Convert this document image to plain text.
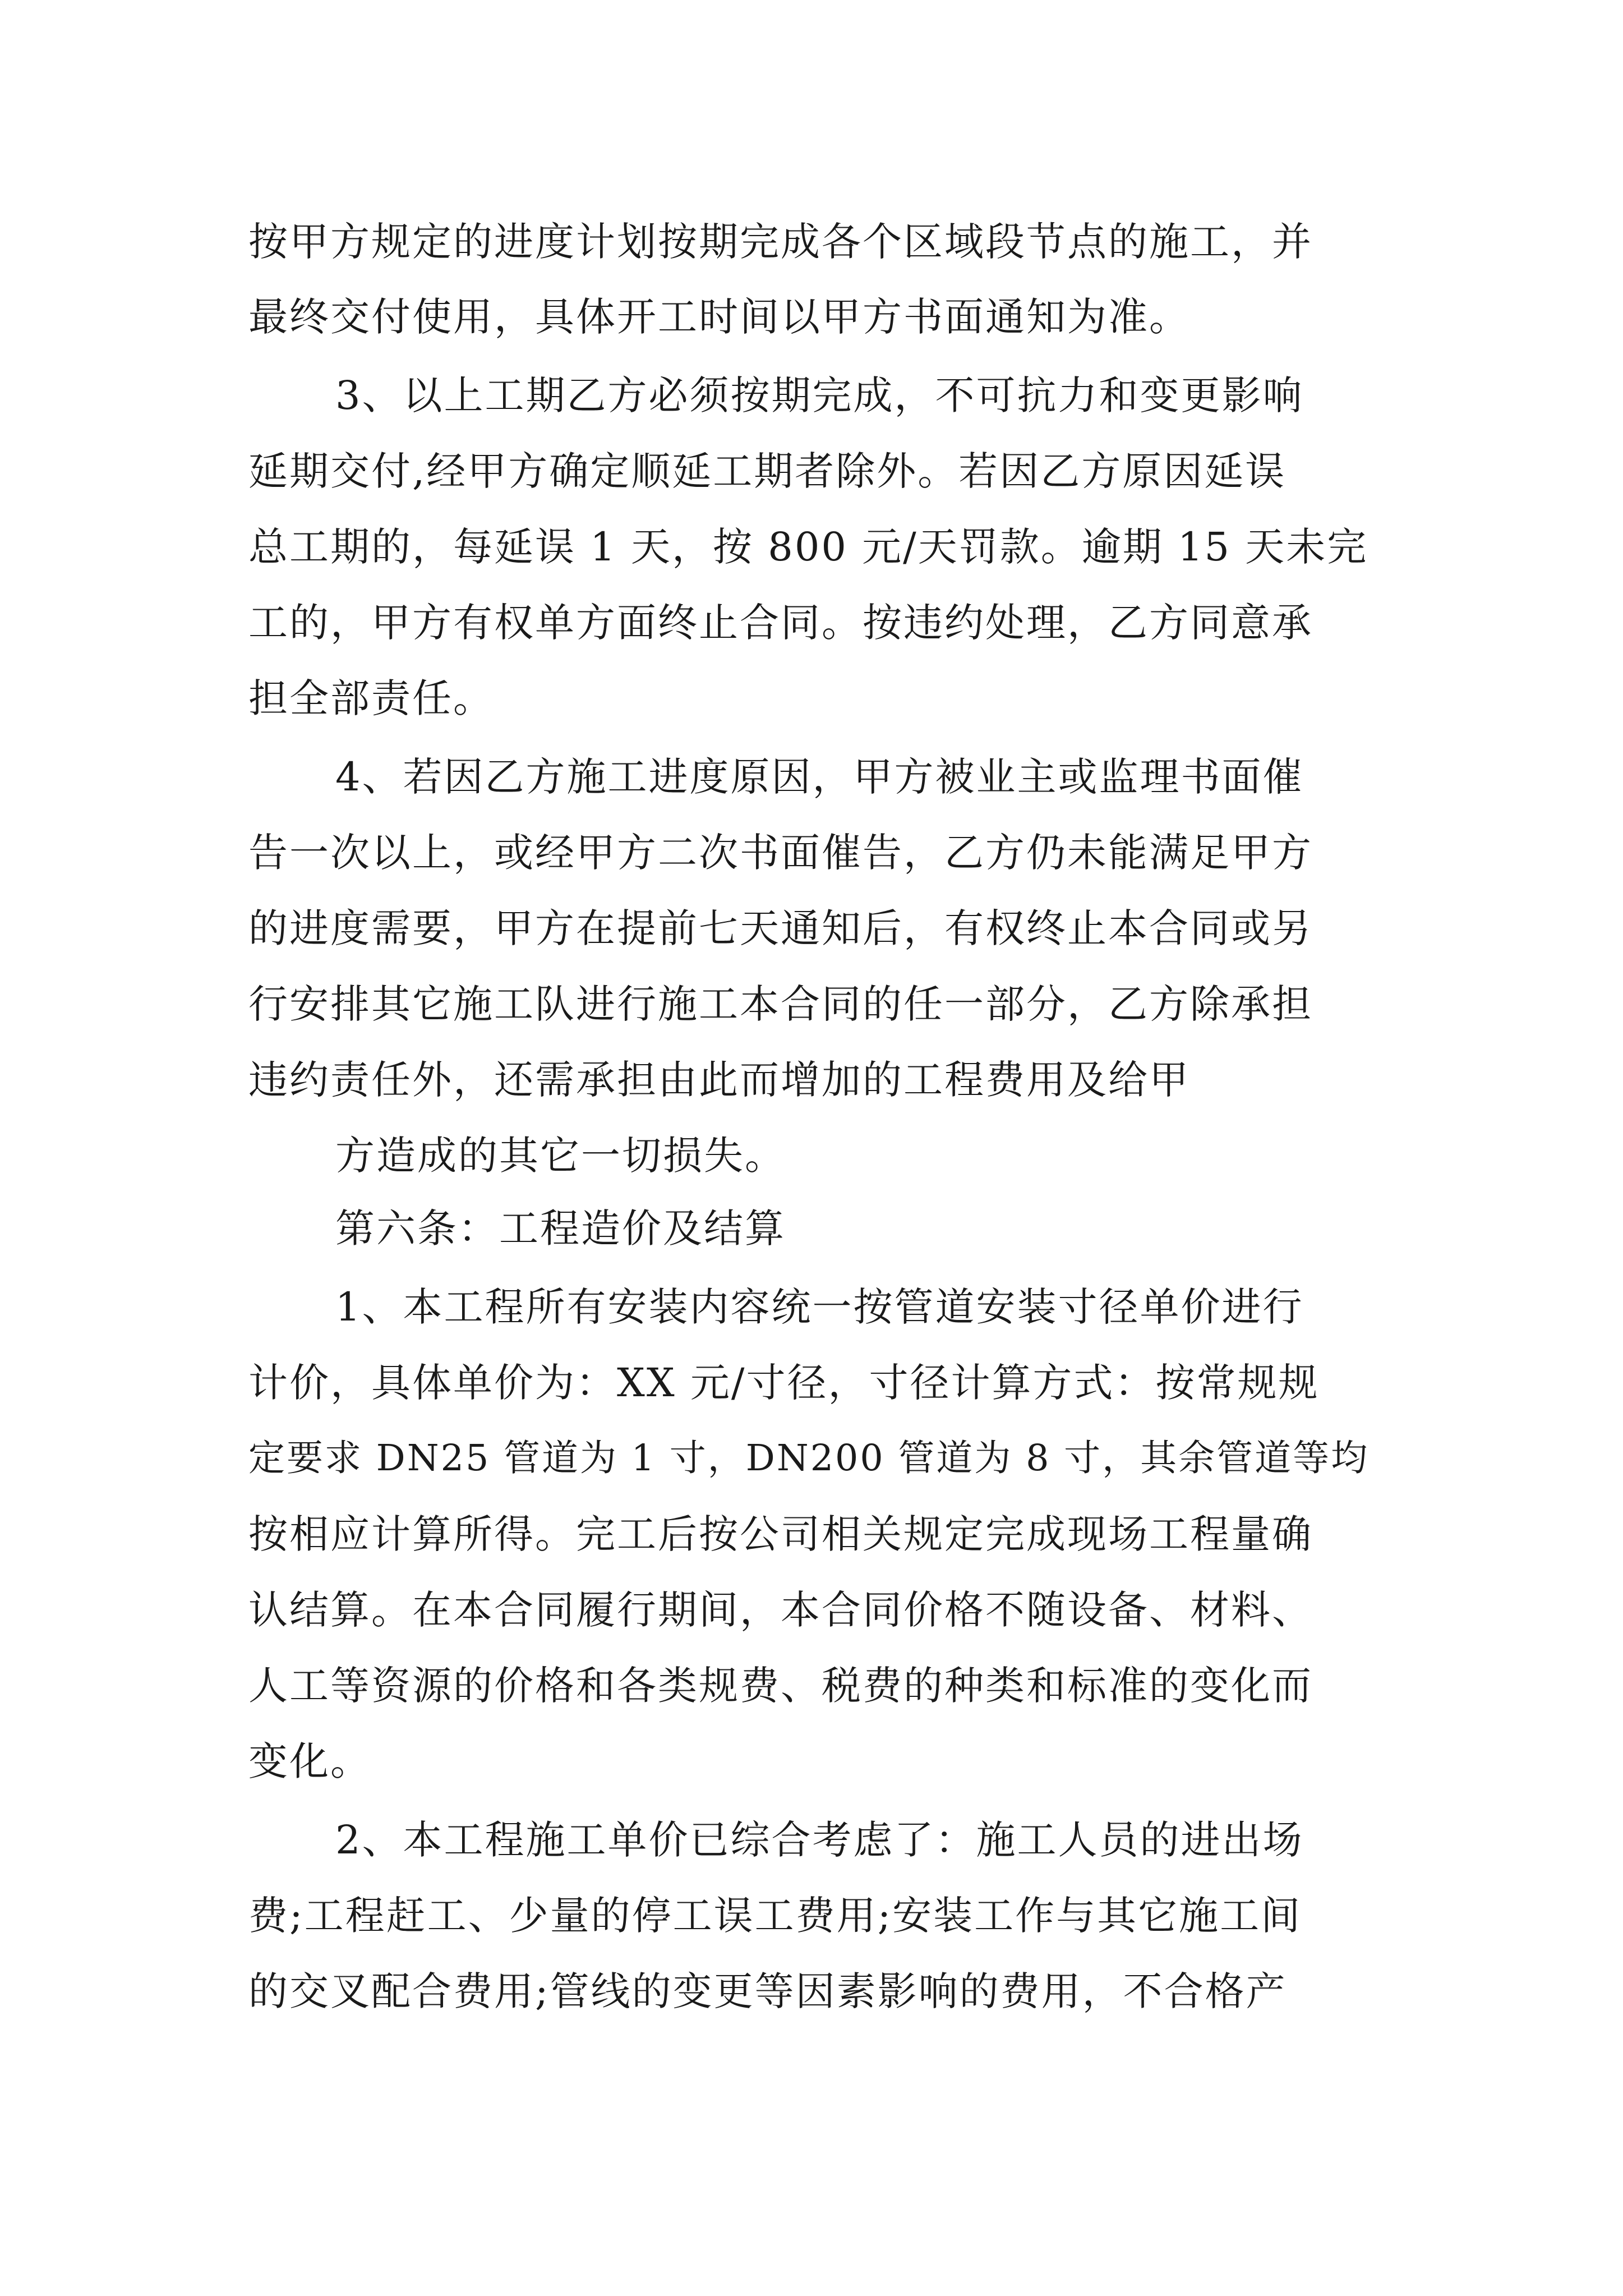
按甲方规定的进度计划按期完成各个区域段节点的施工，并

最终交付使用，具体开工时间以甲方书面通知为准。

3、以上工期乙方必须按期完成，不可抗力和变更影响

延期交付,经甲方确定顺延工期者除外。若因乙方原因延误

总工期的，每延误 1 天，按 800 元/天罚款。逾期 15 天未完

工的，甲方有权单方面终止合同。按违约处理，乙方同意承

担全部责任。

4、若因乙方施工进度原因，甲方被业主或监理书面催

告一次以上，或经甲方二次书面催告，乙方仍未能满足甲方

的进度需要，甲方在提前七天通知后，有权终止本合同或另

行安排其它施工队进行施工本合同的任一部分，乙方除承担

违约责任外，还需承担由此而增加的工程费用及给甲

方造成的其它一切损失。

第六条：工程造价及结算

1、本工程所有安装内容统一按管道安装寸径单价进行

计价，具体单价为：XX 元/寸径，寸径计算方式：按常规规

定要求 DN25 管道为 1 寸，DN200 管道为 8 寸，其余管道等均

按相应计算所得。完工后按公司相关规定完成现场工程量确

认结算。在本合同履行期间，本合同价格不随设备、材料、

人工等资源的价格和各类规费、税费的种类和标准的变化而

变化。

2、本工程施工单价已综合考虑了：施工人员的进出场

费;工程赶工、少量的停工误工费用;安装工作与其它施工间

的交叉配合费用;管线的变更等因素影响的费用，不合格产
